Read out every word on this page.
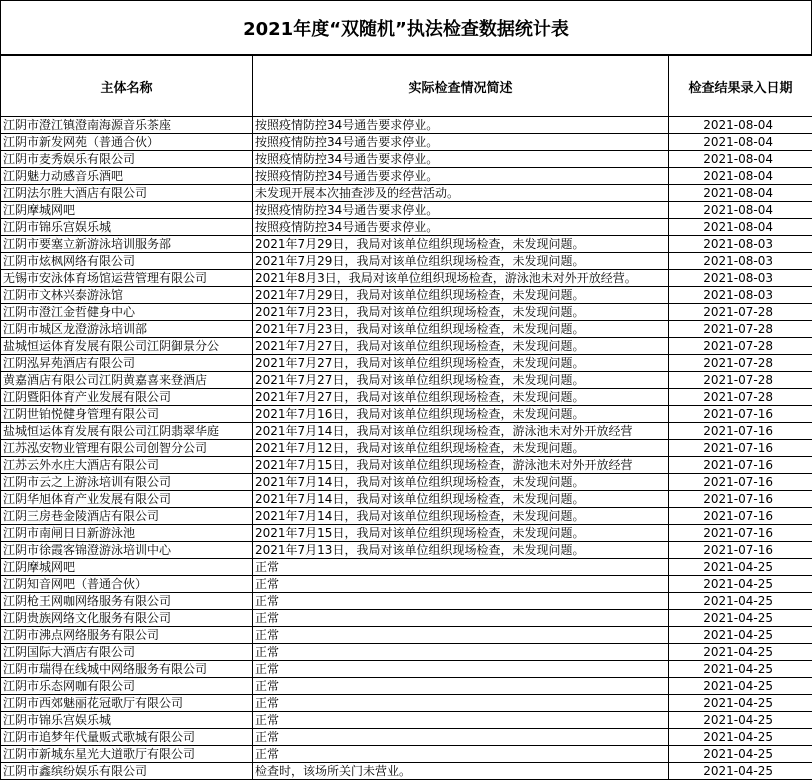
2021年度“双随机”执法检查数据统计表
主体名称	实际检查情况简述	检查结果录入日期
江阴市澄江镇澄南海源音乐茶座	按照疫情防控34号通告要求停业。	2021-08-04
江阴市新发网苑（普通合伙）	按照疫情防控34号通告要求停业。	2021-08-04
江阴市麦秀娱乐有限公司	按照疫情防控34号通告要求停业。	2021-08-04
江阴魅力动感音乐酒吧	按照疫情防控34号通告要求停业。	2021-08-04
江阴法尔胜大酒店有限公司	未发现开展本次抽查涉及的经营活动。	2021-08-04
江阴摩城网吧	按照疫情防控34号通告要求停业。	2021-08-04
江阴市锦乐宫娱乐城	按照疫情防控34号通告要求停业。	2021-08-04
江阴市要塞立新游泳培训服务部	2021年7月29日，我局对该单位组织现场检查，未发现问题。	2021-08-03
江阴市炫枫网络有限公司	2021年7月29日，我局对该单位组织现场检查，未发现问题。	2021-08-03
无锡市安泳体育场馆运营管理有限公司	2021年8月3日，我局对该单位组织现场检查，游泳池未对外开放经营。	2021-08-03
江阴市文林兴泰游泳馆	2021年7月29日，我局对该单位组织现场检查，未发现问题。	2021-08-03
江阴市澄江金哲健身中心	2021年7月23日，我局对该单位组织现场检查，未发现问题。	2021-07-28
江阴市城区龙澄游泳培训部	2021年7月23日，我局对该单位组织现场检查，未发现问题。	2021-07-28
盐城恒运体育发展有限公司江阴御景分公	2021年7月27日，我局对该单位组织现场检查，未发现问题。	2021-07-28
江阴泓昇苑酒店有限公司	2021年7月27日，我局对该单位组织现场检查，未发现问题。	2021-07-28
黄嘉酒店有限公司江阴黄嘉喜来登酒店	2021年7月27日，我局对该单位组织现场检查，未发现问题。	2021-07-28
江阴暨阳体育产业发展有限公司	2021年7月27日，我局对该单位组织现场检查，未发现问题。	2021-07-28
江阴世铂悦健身管理有限公司	2021年7月16日，我局对该单位组织现场检查，未发现问题。	2021-07-16
盐城恒运体育发展有限公司江阴翡翠华庭	2021年7月14日，我局对该单位组织现场检查，游泳池未对外开放经营	2021-07-16
江苏泓安物业管理有限公司创智分公司	2021年7月12日，我局对该单位组织现场检查，未发现问题。	2021-07-16
江苏云外水庄大酒店有限公司	2021年7月15日，我局对该单位组织现场检查，游泳池未对外开放经营	2021-07-16
江阴市云之上游泳培训有限公司	2021年7月14日，我局对该单位组织现场检查，未发现问题。	2021-07-16
江阴华旭体育产业发展有限公司	2021年7月14日，我局对该单位组织现场检查，未发现问题。	2021-07-16
江阴三房巷金陵酒店有限公司	2021年7月14日，我局对该单位组织现场检查，未发现问题。	2021-07-16
江阴市南闸日日新游泳池	2021年7月15日，我局对该单位组织现场检查，未发现问题。	2021-07-16
江阴市徐霞客锦澄游泳培训中心	2021年7月13日，我局对该单位组织现场检查，未发现问题。	2021-07-16
江阴摩城网吧	正常	2021-04-25
江阴知音网吧（普通合伙）	正常	2021-04-25
江阴枪王网咖网络服务有限公司	正常	2021-04-25
江阴贵族网络文化服务有限公司	正常	2021-04-25
江阴市沸点网络服务有限公司	正常	2021-04-25
江阴国际大酒店有限公司	正常	2021-04-25
江阴市瑞得在线城中网络服务有限公司	正常	2021-04-25
江阴市乐态网咖有限公司	正常	2021-04-25
江阴市西郊魅丽花冠歌厅有限公司	正常	2021-04-25
江阴市锦乐宫娱乐城	正常	2021-04-25
江阴市追梦年代量贩式歌城有限公司	正常	2021-04-25
江阴市新城东星光大道歌厅有限公司	正常	2021-04-25
江阴市鑫缤纷娱乐有限公司	检查时，该场所关门未营业。	2021-04-25
